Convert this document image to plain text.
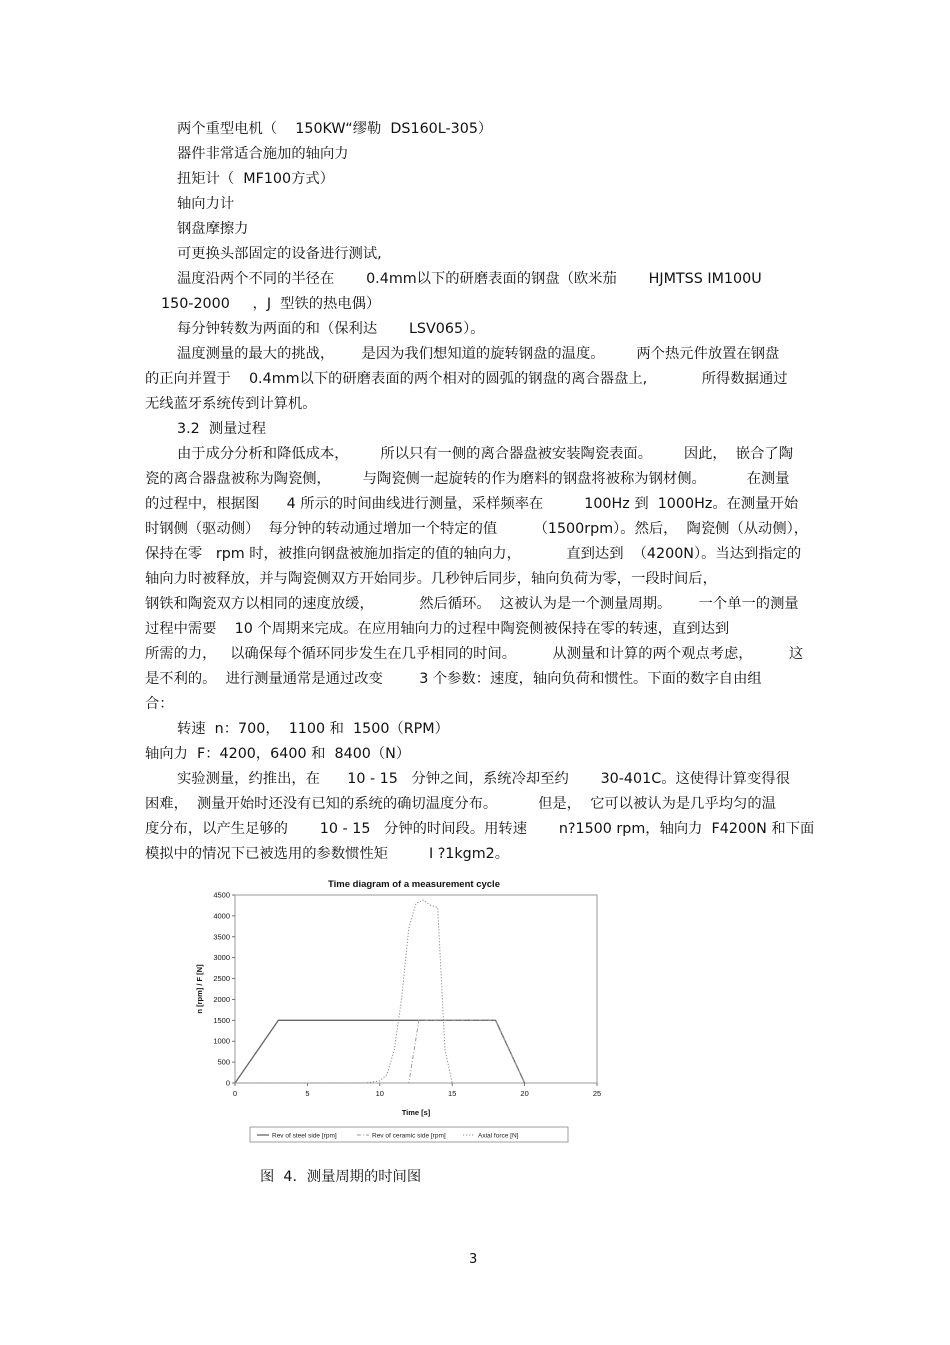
两个重型电机（    150KW“缪勒  DS160L-305）
器件非常适合施加的轴向力
扭矩计（  MF100方式）
轴向力计
钢盘摩擦力
可更换头部固定的设备进行测试,
温度沿两个不同的半径在       0.4mm以下的研磨表面的钢盘（欧米茄       HJMTSS IM100U
150-2000     ，J  型铁的热电偶）
每分钟转数为两面的和（保利达       LSV065）。
温度测量的最大的挑战，      是因为我们想知道的旋转钢盘的温度。       两个热元件放置在钢盘
的正向并置于    0.4mm以下的研磨表面的两个相对的圆弧的钢盘的离合器盘上,            所得数据通过
无线蓝牙系统传到计算机。
3.2  测量过程
由于成分分析和降低成本，       所以只有一侧的离合器盘被安装陶瓷表面。       因此，  嵌合了陶
瓷的离合器盘被称为陶瓷侧，       与陶瓷侧一起旋转的作为磨料的钢盘将被称为钢材侧。         在测量
的过程中，根据图      4 所示的时间曲线进行测量，采样频率在         100Hz 到  1000Hz。在测量开始
时钢侧（驱动侧）  每分钟的转动通过增加一个特定的值        （1500rpm）。然后，  陶瓷侧（从动侧），
保持在零   rpm 时，被推向钢盘被施加指定的值的轴向力，          直到达到  （4200N）。当达到指定的
轴向力时被释放，并与陶瓷侧双方开始同步。几秒钟后同步，轴向负荷为零，一段时间后，
钢铁和陶瓷双方以相同的速度放缓，          然后循环。  这被认为是一个测量周期。      一个单一的测量
过程中需要    10 个周期来完成。在应用轴向力的过程中陶瓷侧被保持在零的转速，直到达到
所需的力，   以确保每个循环同步发生在几乎相同的时间。        从测量和计算的两个观点考虑，        这
是不利的。  进行测量通常是通过改变        3 个参数：速度，轴向负荷和惯性。下面的数字自由组
合：
转速  n：700，  1100 和  1500（RPM）
轴向力  F：4200，6400 和  8400（N）
实验测量，约推出，在      10 - 15   分钟之间，系统冷却至约       30-401C。这使得计算变得很
困难，  测量开始时还没有已知的系统的确切温度分布。         但是，  它可以被认为是几乎均匀的温
度分布，以产生足够的       10 - 15   分钟的时间段。用转速       n?1500 rpm，轴向力  F4200N 和下面
模拟中的情况下已被选用的参数惯性矩         I ?1kgm2。
Time diagram of a measurement cycle
0
500
1000
1500
2000
2500
3000
3500
4000
4500
0	5	10	15	20	25
n [rpm] / F [N]
Time [s]
Rev of steel side [rpm]	Rev of ceramic side [rpm]	Axial force [N]
图  4．测量周期的时间图
3
